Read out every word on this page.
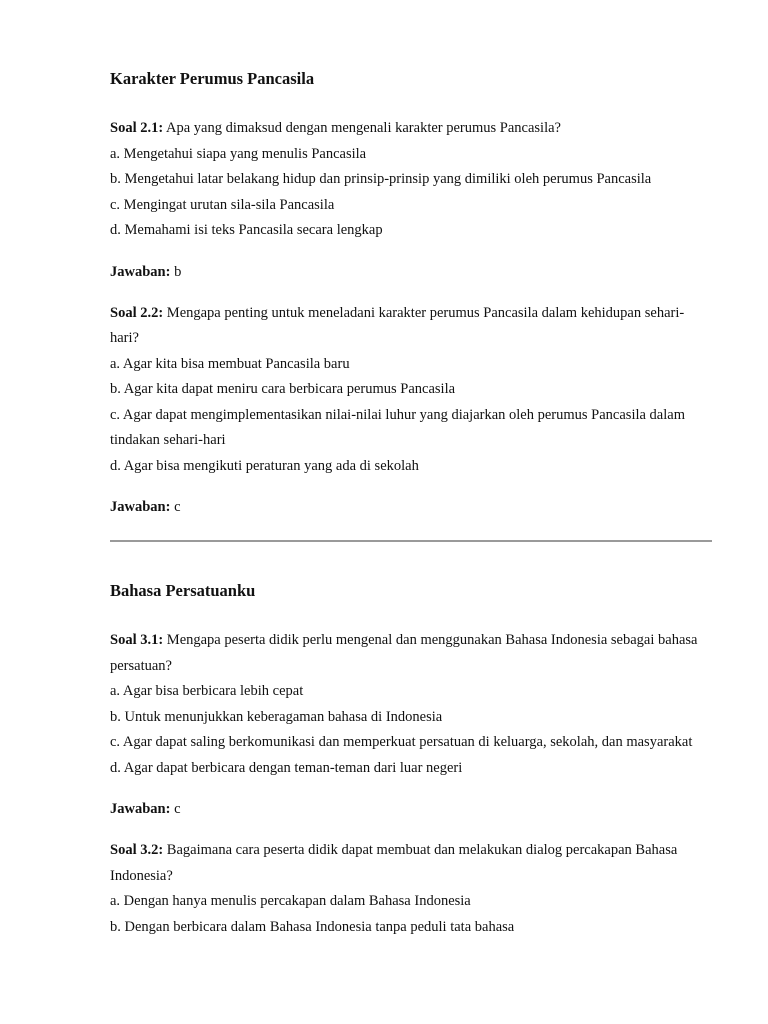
Karakter Perumus Pancasila

Soal 2.1: Apa yang dimaksud dengan mengenali karakter perumus Pancasila?

a. Mengetahui siapa yang menulis Pancasila

b. Mengetahui latar belakang hidup dan prinsip-prinsip yang dimiliki oleh perumus Pancasila

c. Mengingat urutan sila-sila Pancasila

d. Memahami isi teks Pancasila secara lengkap

Jawaban: b

Soal 2.2: Mengapa penting untuk meneladani karakter perumus Pancasila dalam kehidupan sehari-hari?

a. Agar kita bisa membuat Pancasila baru

b. Agar kita dapat meniru cara berbicara perumus Pancasila

c. Agar dapat mengimplementasikan nilai-nilai luhur yang diajarkan oleh perumus Pancasila dalam tindakan sehari-hari

d. Agar bisa mengikuti peraturan yang ada di sekolah

Jawaban: c

Bahasa Persatuanku

Soal 3.1: Mengapa peserta didik perlu mengenal dan menggunakan Bahasa Indonesia sebagai bahasa persatuan?

a. Agar bisa berbicara lebih cepat

b. Untuk menunjukkan keberagaman bahasa di Indonesia

c. Agar dapat saling berkomunikasi dan memperkuat persatuan di keluarga, sekolah, dan masyarakat

d. Agar dapat berbicara dengan teman-teman dari luar negeri

Jawaban: c

Soal 3.2: Bagaimana cara peserta didik dapat membuat dan melakukan dialog percakapan Bahasa Indonesia?

a. Dengan hanya menulis percakapan dalam Bahasa Indonesia

b. Dengan berbicara dalam Bahasa Indonesia tanpa peduli tata bahasa
